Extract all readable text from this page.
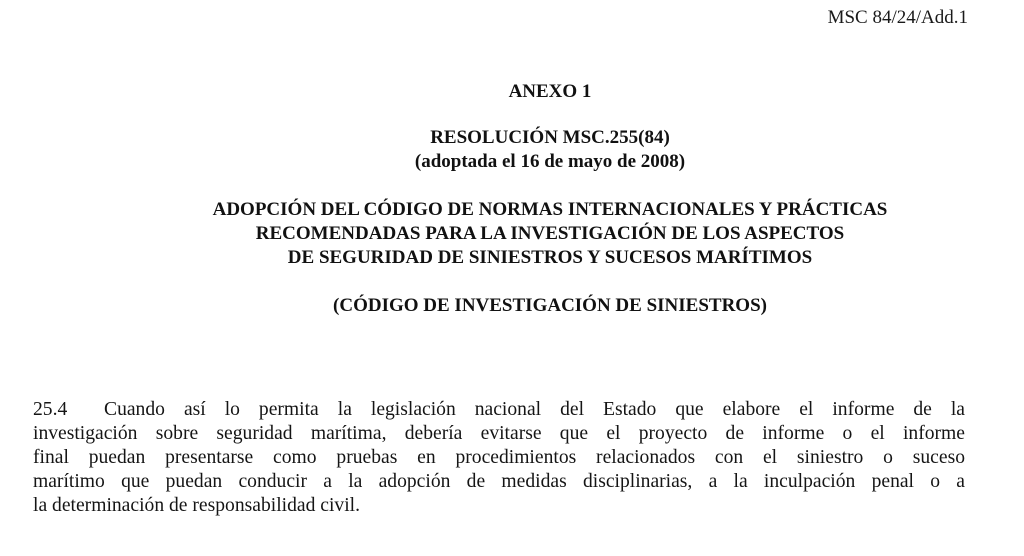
MSC 84/24/Add.1
ANEXO 1
RESOLUCIÓN MSC.255(84)
(adoptada el 16 de mayo de 2008)
ADOPCIÓN DEL CÓDIGO DE NORMAS INTERNACIONALES Y PRÁCTICAS
RECOMENDADAS PARA LA INVESTIGACIÓN DE LOS ASPECTOS
DE SEGURIDAD DE SINIESTROS Y SUCESOS MARÍTIMOS
(CÓDIGO DE INVESTIGACIÓN DE SINIESTROS)
25.4 Cuando así lo permita la legislación nacional del Estado que elabore el informe de la
investigación sobre seguridad marítima, debería evitarse que el proyecto de informe o el informe
final puedan presentarse como pruebas en procedimientos relacionados con el siniestro o suceso
marítimo que puedan conducir a la adopción de medidas disciplinarias, a la inculpación penal o a
la determinación de responsabilidad civil.
